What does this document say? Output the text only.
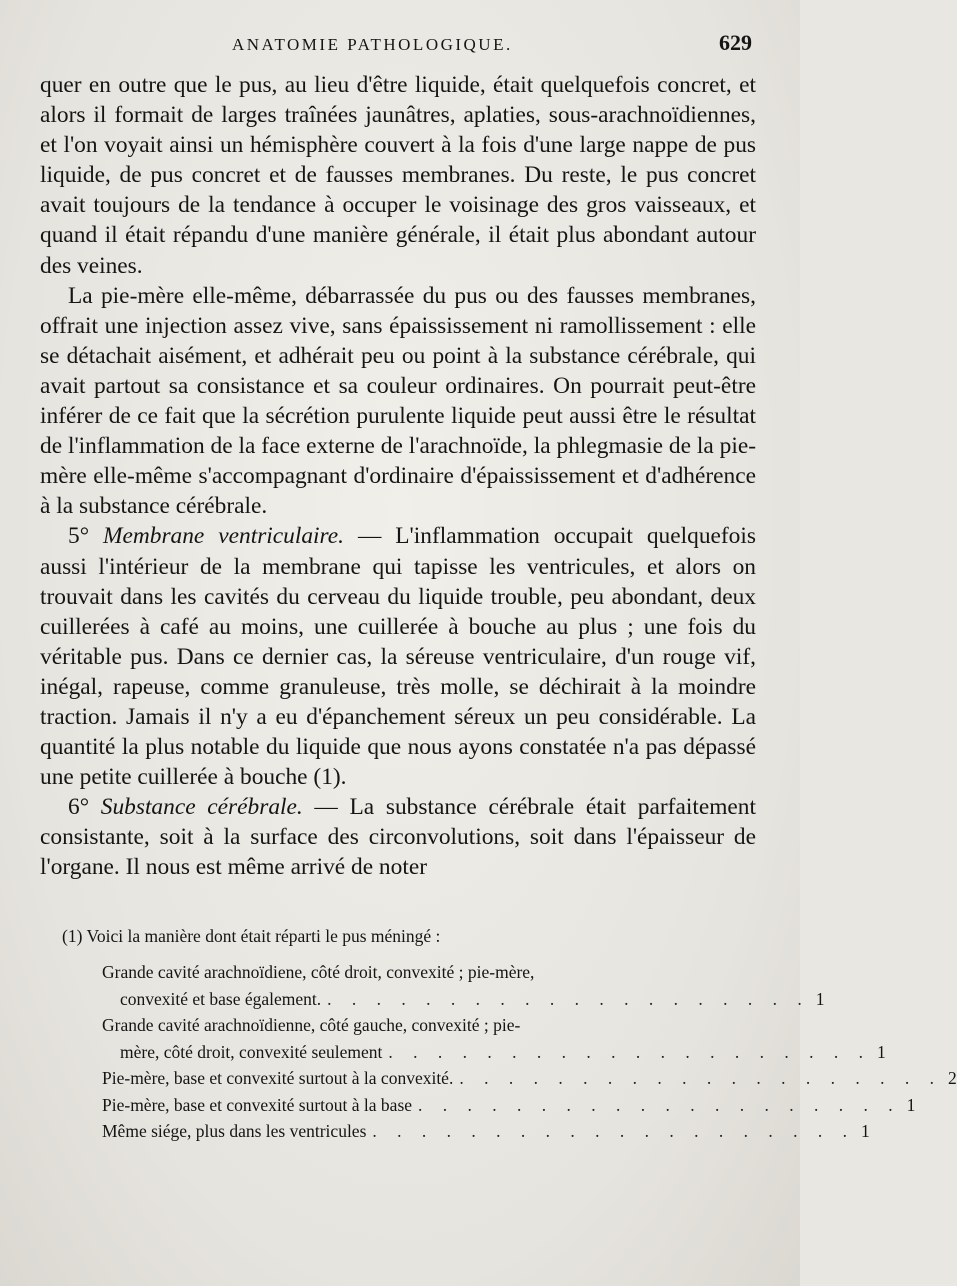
ANATOMIE PATHOLOGIQUE.	629

quer en outre que le pus, au lieu d'être liquide, était quelquefois concret, et alors il formait de larges traînées jaunâtres, aplaties, sous-arachnoïdiennes, et l'on voyait ainsi un hémisphère couvert à la fois d'une large nappe de pus liquide, de pus concret et de fausses membranes. Du reste, le pus concret avait toujours de la tendance à occuper le voisinage des gros vaisseaux, et quand il était répandu d'une manière générale, il était plus abondant autour des veines.

La pie-mère elle-même, débarrassée du pus ou des fausses membranes, offrait une injection assez vive, sans épaississement ni ramollissement : elle se détachait aisément, et adhérait peu ou point à la substance cérébrale, qui avait partout sa consistance et sa couleur ordinaires. On pourrait peut-être inférer de ce fait que la sécrétion purulente liquide peut aussi être le résultat de l'inflammation de la face externe de l'arachnoïde, la phlegmasie de la pie-mère elle-même s'accompagnant d'ordinaire d'épaississement et d'adhérence à la substance cérébrale.

5° Membrane ventriculaire. — L'inflammation occupait quelquefois aussi l'intérieur de la membrane qui tapisse les ventricules, et alors on trouvait dans les cavités du cerveau du liquide trouble, peu abondant, deux cuillerées à café au moins, une cuillerée à bouche au plus ; une fois du véritable pus. Dans ce dernier cas, la séreuse ventriculaire, d'un rouge vif, inégal, rapeuse, comme granuleuse, très molle, se déchirait à la moindre traction. Jamais il n'y a eu d'épanchement séreux un peu considérable. La quantité la plus notable du liquide que nous ayons constatée n'a pas dépassé une petite cuillerée à bouche (1).

6° Substance cérébrale. — La substance cérébrale était parfaitement consistante, soit à la surface des circonvolutions, soit dans l'épaisseur de l'organe. Il nous est même arrivé de noter

(1) Voici la manière dont était réparti le pus méningé :
Grande cavité arachnoïdiene, côté droit, convexité ; pie-mère,
convexité et base également. . . . . . . . . . . . . . . . . . . . . 1
Grande cavité arachnoïdienne, côté gauche, convexité ; pie-
mère, côté droit, convexité seulement . . . . . . . . . . . . . . . . . . . . 1
Pie-mère, base et convexité surtout à la convexité. . . . . . . . . . . . . . . . . . . . . 2
Pie-mère, base et convexité surtout à la base . . . . . . . . . . . . . . . . . . . . 1
Même siége, plus dans les ventricules . . . . . . . . . . . . . . . . . . . . 1
